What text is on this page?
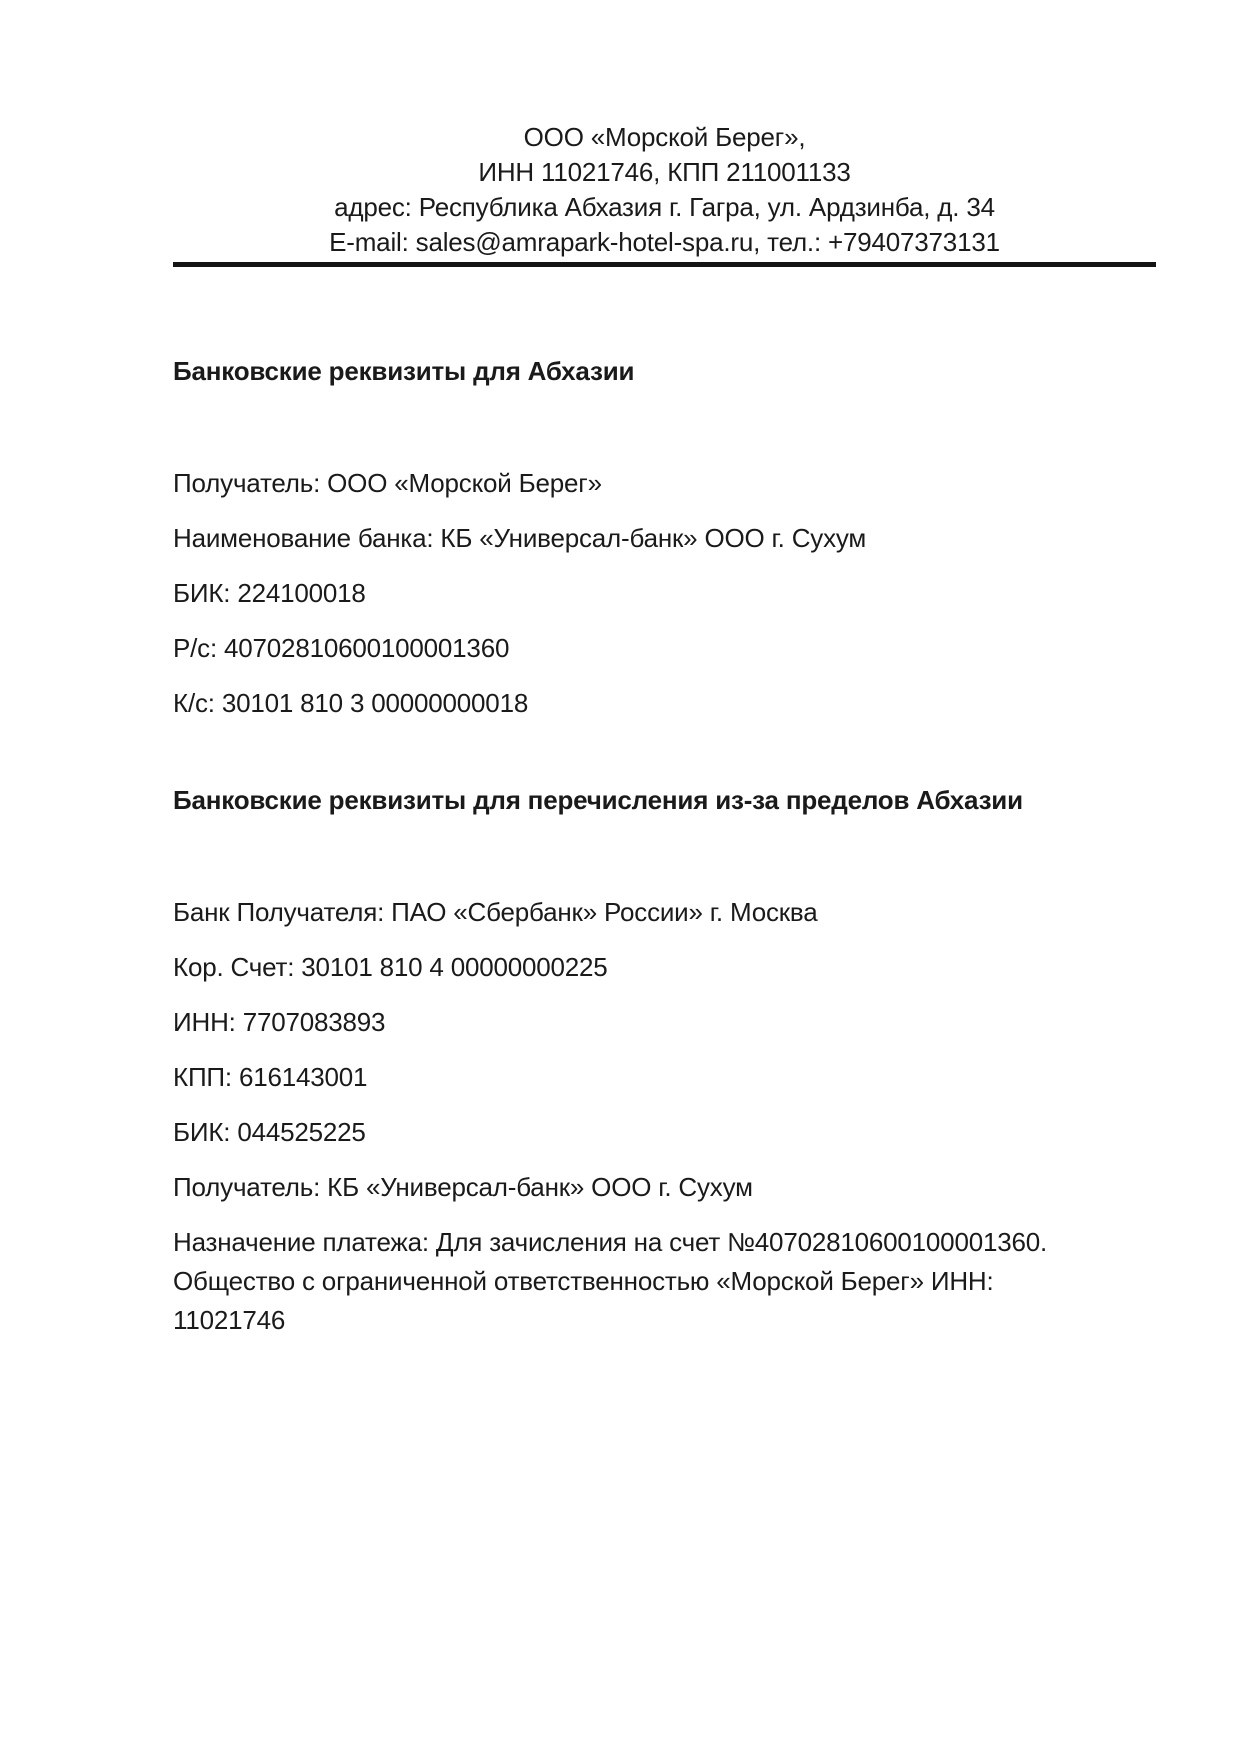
ООО «Морской Берег»,
ИНН 11021746, КПП 211001133
адрес: Республика Абхазия г. Гагра, ул. Ардзинба, д. 34
E-mail: sales@amrapark-hotel-spa.ru, тел.: +79407373131
Банковские реквизиты для Абхазии

Получатель: ООО «Морской Берег»

Наименование банка: КБ «Универсал-банк» ООО г. Сухум

БИК: 224100018

Р/с: 40702810600100001360

К/с: 30101 810 3 00000000018

Банковские реквизиты для перечисления из-за пределов Абхазии

Банк Получателя: ПАО «Сбербанк» России» г. Москва

Кор. Счет: 30101 810 4 00000000225

ИНН: 7707083893

КПП: 616143001

БИК: 044525225

Получатель: КБ «Универсал-банк» ООО г. Сухум

Назначение платежа: Для зачисления на счет №40702810600100001360.
Общество с ограниченной ответственностью «Морской Берег» ИНН:
11021746
